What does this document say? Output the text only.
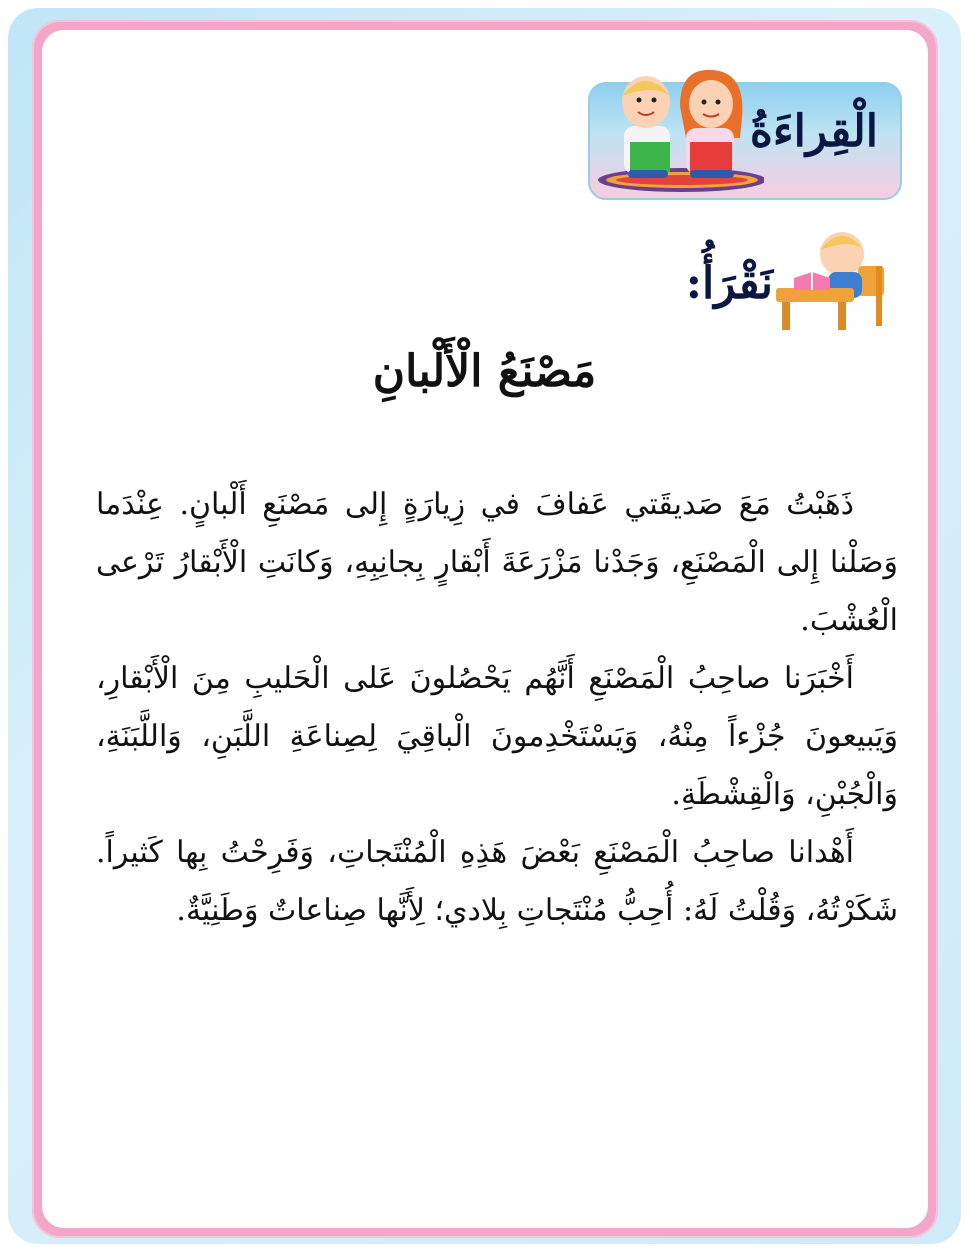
الْقِراءَةُ
نَقْرَأُ:
مَصْنَعُ الْأَلْبانِ

ذَهَبْتُ مَعَ صَديقَتي عَفافَ في زِيارَةٍ إِلى مَصْنَعِ أَلْبانٍ. عِنْدَما وَصَلْنا إِلى الْمَصْنَعِ، وَجَدْنا مَزْرَعَةَ أَبْقارٍ بِجانِبِهِ، وَكانَتِ الْأَبْقارُ تَرْعى الْعُشْبَ.

أَخْبَرَنا صاحِبُ الْمَصْنَعِ أَنَّهُم يَحْصُلونَ عَلى الْحَليبِ مِنَ الْأَبْقارِ، وَيَبيعونَ جُزْءاً مِنْهُ، وَيَسْتَخْدِمونَ الْباقِيَ لِصِناعَةِ اللَّبَنِ، وَاللَّبَنَةِ، وَالْجُبْنِ، وَالْقِشْطَةِ.

أَهْدانا صاحِبُ الْمَصْنَعِ بَعْضَ هَذِهِ الْمُنْتَجاتِ، وَفَرِحْتُ بِها كَثيراً. شَكَرْتُهُ، وَقُلْتُ لَهُ: أُحِبُّ مُنْتَجاتِ بِلادي؛ لِأَنَّها صِناعاتٌ وَطَنِيَّةٌ.
